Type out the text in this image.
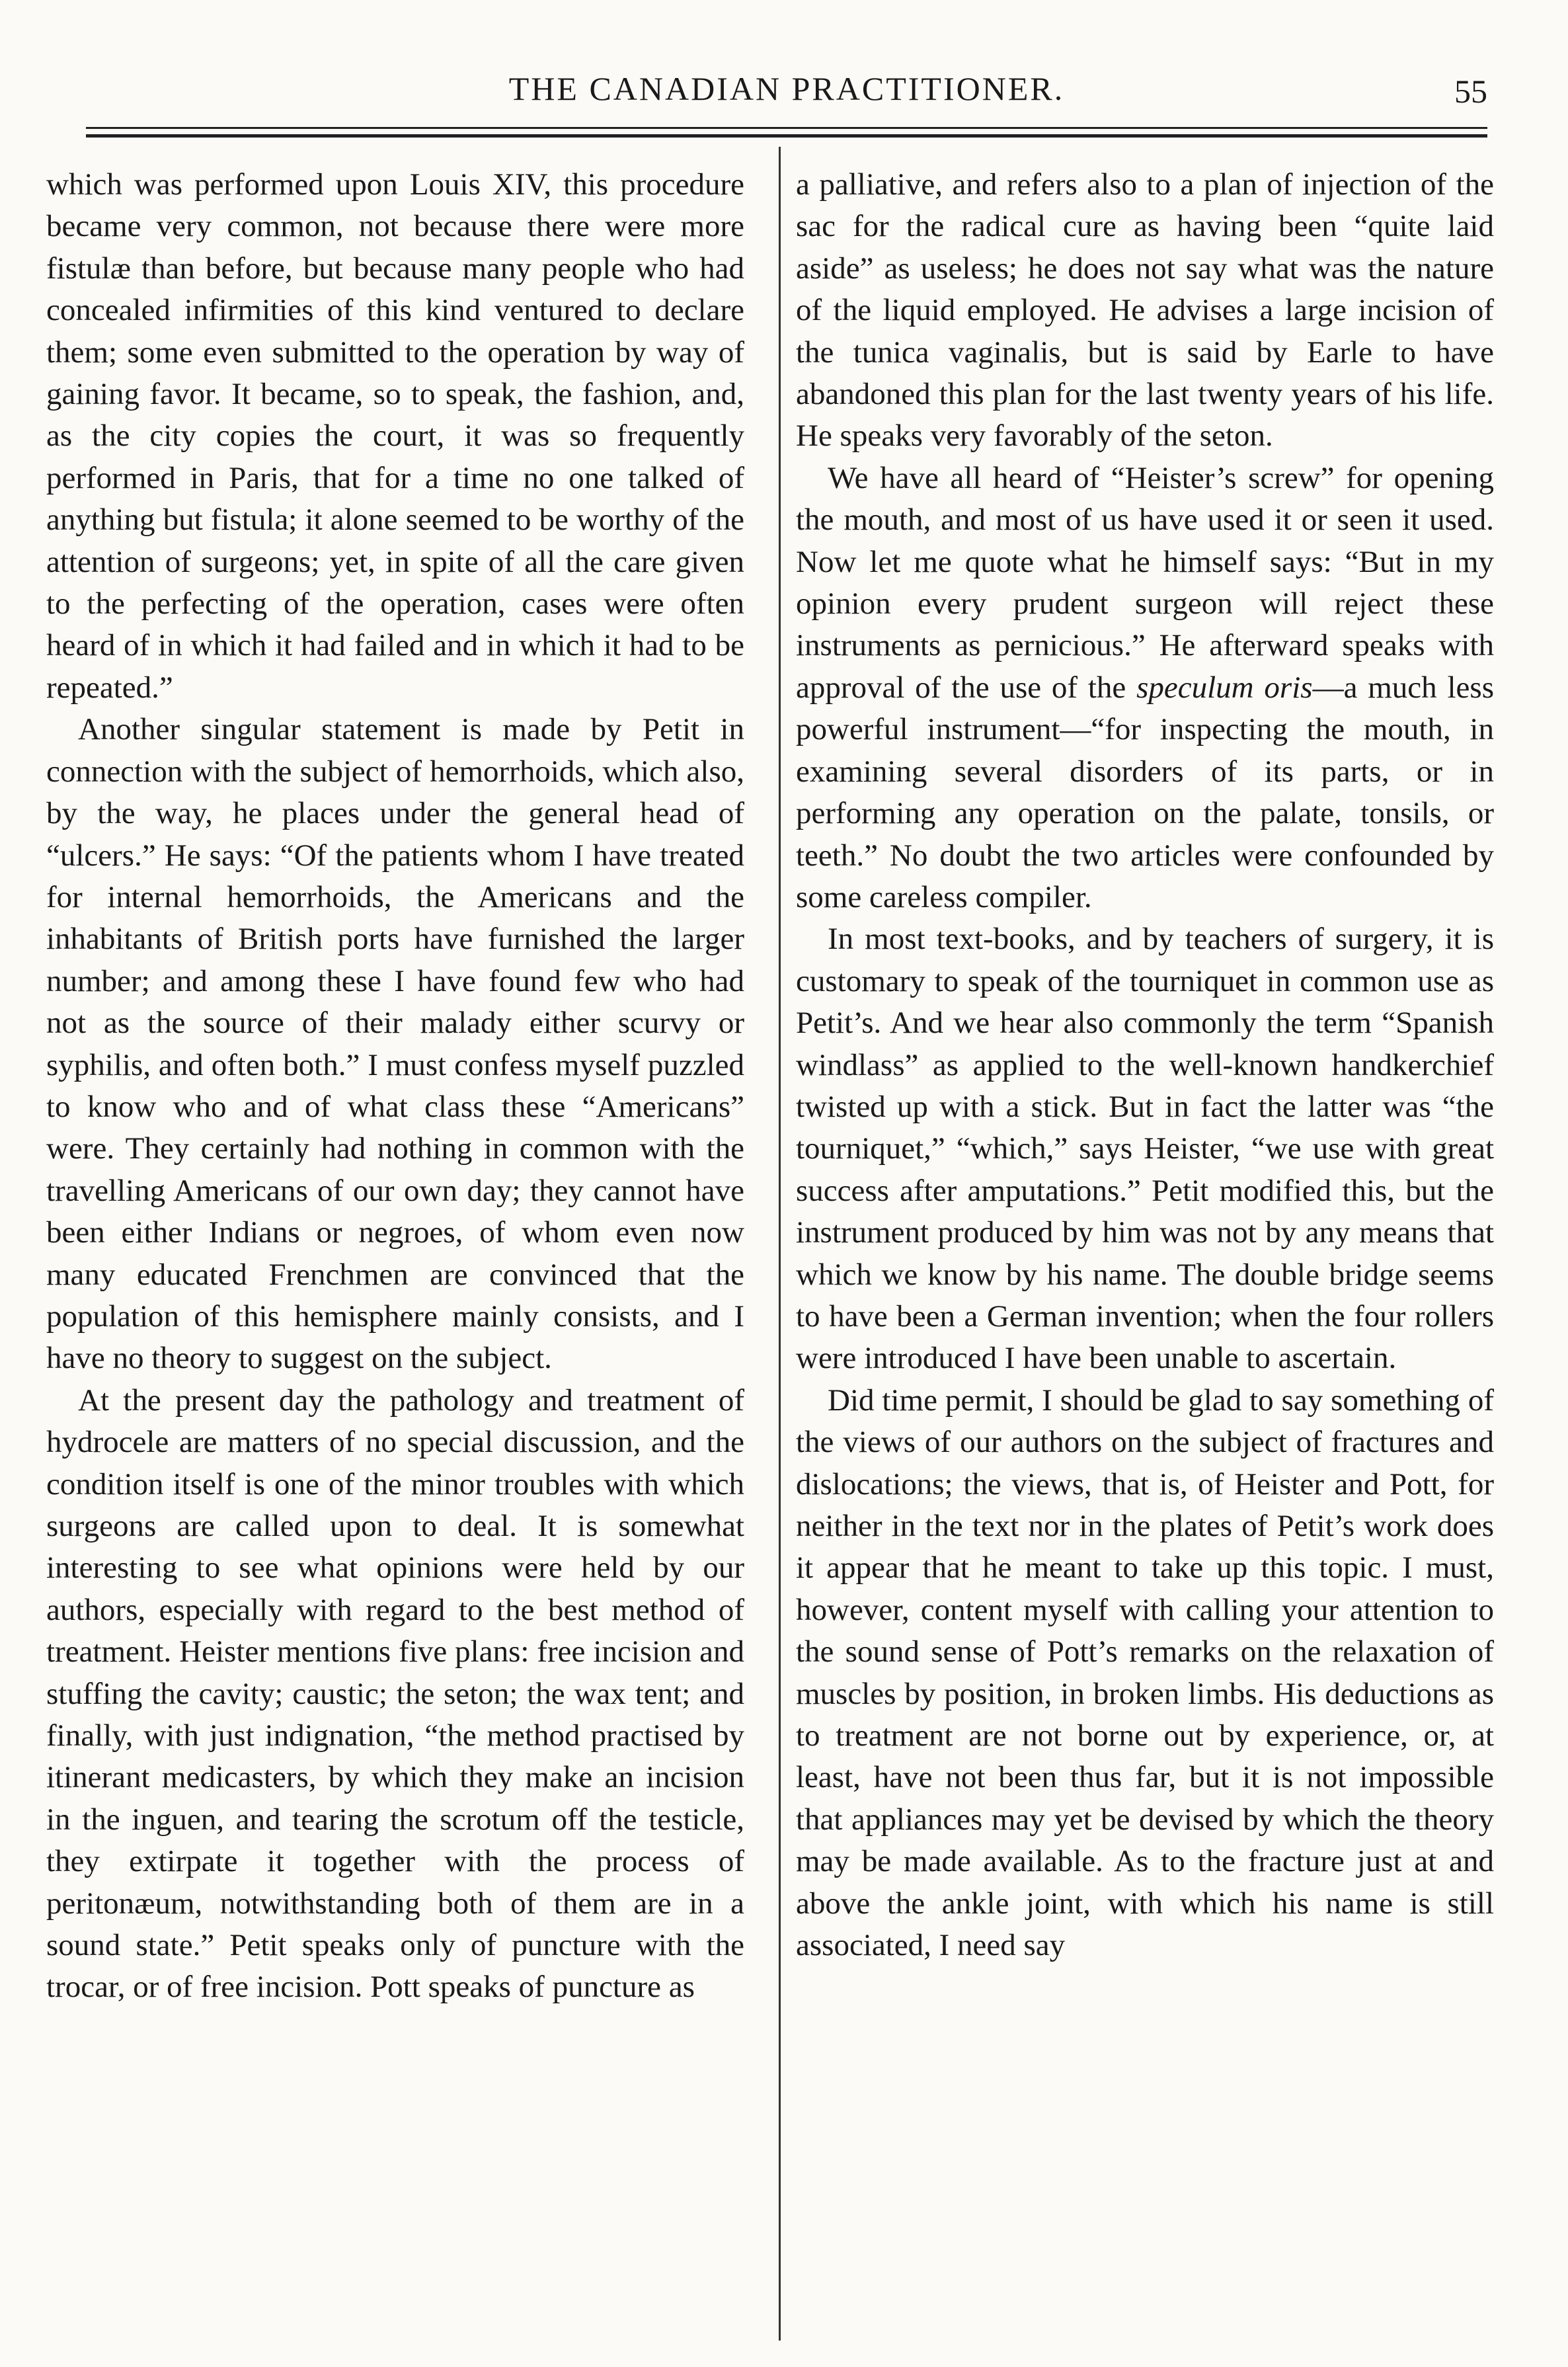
THE CANADIAN PRACTITIONER.	55

which was performed upon Louis XIV, this procedure became very common, not because there were more fistulæ than before, but because many people who had concealed infirmities of this kind ventured to declare them; some even submitted to the operation by way of gaining favor. It became, so to speak, the fashion, and, as the city copies the court, it was so frequently performed in Paris, that for a time no one talked of anything but fistula; it alone seemed to be worthy of the attention of surgeons; yet, in spite of all the care given to the perfecting of the operation, cases were often heard of in which it had failed and in which it had to be repeated.”

Another singular statement is made by Petit in connection with the subject of hemorrhoids, which also, by the way, he places under the general head of “ulcers.” He says: “Of the patients whom I have treated for internal hemorrhoids, the Americans and the inhabitants of British ports have furnished the larger number; and among these I have found few who had not as the source of their malady either scurvy or syphilis, and often both.” I must confess myself puzzled to know who and of what class these “Americans” were. They certainly had nothing in common with the travelling Americans of our own day; they cannot have been either Indians or negroes, of whom even now many educated Frenchmen are convinced that the population of this hemisphere mainly consists, and I have no theory to suggest on the subject.

At the present day the pathology and treatment of hydrocele are matters of no special discussion, and the condition itself is one of the minor troubles with which surgeons are called upon to deal. It is somewhat interesting to see what opinions were held by our authors, especially with regard to the best method of treatment. Heister mentions five plans: free incision and stuffing the cavity; caustic; the seton; the wax tent; and finally, with just indignation, “the method practised by itinerant medicasters, by which they make an incision in the inguen, and tearing the scrotum off the testicle, they extirpate it together with the process of peritonæum, notwithstanding both of them are in a sound state.” Petit speaks only of puncture with the trocar, or of free incision. Pott speaks of puncture as

a palliative, and refers also to a plan of injection of the sac for the radical cure as having been “quite laid aside” as useless; he does not say what was the nature of the liquid employed. He advises a large incision of the tunica vaginalis, but is said by Earle to have abandoned this plan for the last twenty years of his life. He speaks very favorably of the seton.

We have all heard of “Heister’s screw” for opening the mouth, and most of us have used it or seen it used. Now let me quote what he himself says: “But in my opinion every prudent surgeon will reject these instruments as pernicious.” He afterward speaks with approval of the use of the speculum oris—a much less powerful instrument—“for inspecting the mouth, in examining several disorders of its parts, or in performing any operation on the palate, tonsils, or teeth.” No doubt the two articles were confounded by some careless compiler.

In most text-books, and by teachers of surgery, it is customary to speak of the tourniquet in common use as Petit’s. And we hear also commonly the term “Spanish windlass” as applied to the well-known handkerchief twisted up with a stick. But in fact the latter was “the tourniquet,” “which,” says Heister, “we use with great success after amputations.” Petit modified this, but the instrument produced by him was not by any means that which we know by his name. The double bridge seems to have been a German invention; when the four rollers were introduced I have been unable to ascertain.

Did time permit, I should be glad to say something of the views of our authors on the subject of fractures and dislocations; the views, that is, of Heister and Pott, for neither in the text nor in the plates of Petit’s work does it appear that he meant to take up this topic. I must, however, content myself with calling your attention to the sound sense of Pott’s remarks on the relaxation of muscles by position, in broken limbs. His deductions as to treatment are not borne out by experience, or, at least, have not been thus far, but it is not impossible that appliances may yet be devised by which the theory may be made available. As to the fracture just at and above the ankle joint, with which his name is still associated, I need say
